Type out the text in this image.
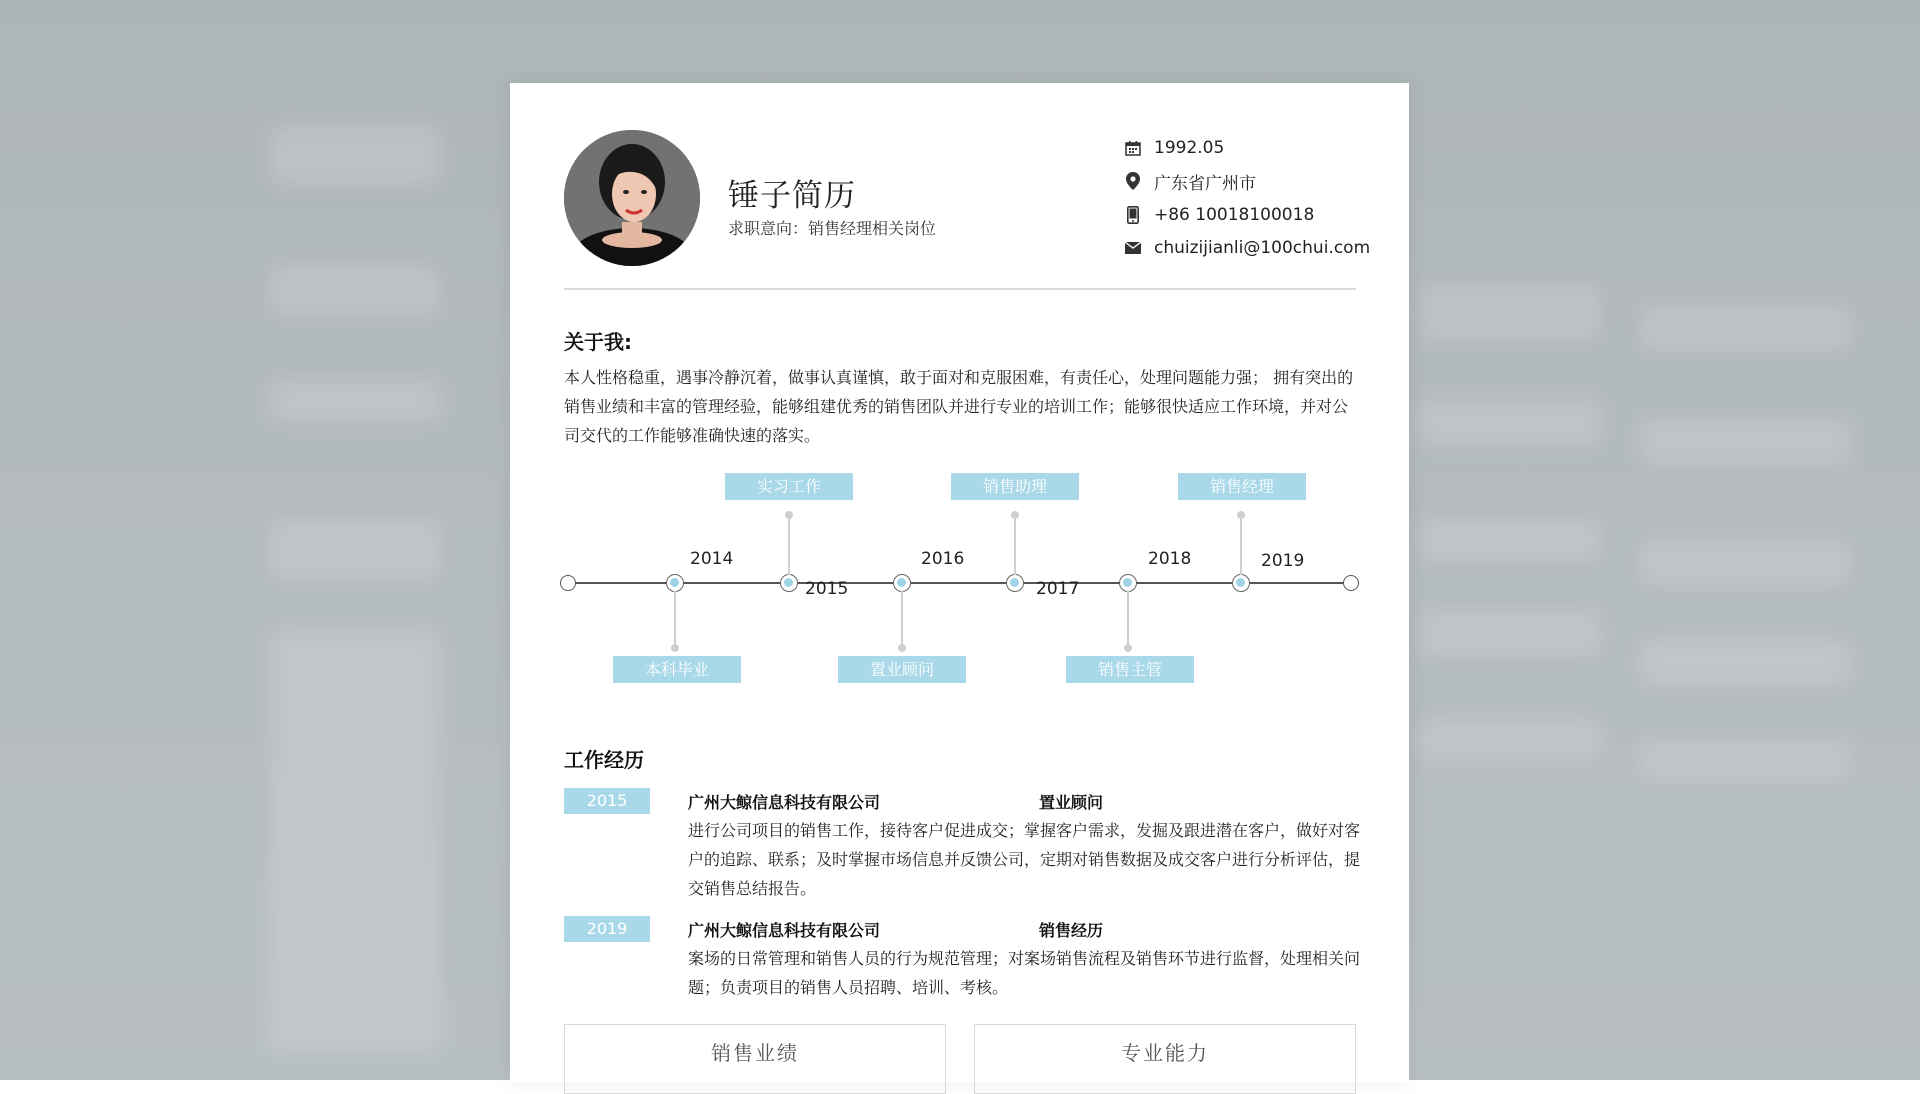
锤子简历
求职意向：销售经理相关岗位
1992.05
广东省广州市
+86 10018100018
chuizijianli@100chui.com
关于我:
本人性格稳重，遇事冷静沉着，做事认真谨慎，敢于面对和克服困难，有责任心，处理问题能力强； 拥有突出的销售业绩和丰富的管理经验，能够组建优秀的销售团队并进行专业的培训工作；能够很快适应工作环境，并对公司交代的工作能够准确快速的落实。
2014
2015
2016
2017
2018	2019
实习工作	销售助理	销售经理
本科毕业	置业顾问	销售主管
工作经历
2015	广州大鲸信息科技有限公司	置业顾问
进行公司项目的销售工作，接待客户促进成交；掌握客户需求，发掘及跟进潜在客户，做好对客户的追踪、联系；及时掌握市场信息并反馈公司，定期对销售数据及成交客户进行分析评估，提交销售总结报告。
2019	广州大鲸信息科技有限公司	销售经历
案场的日常管理和销售人员的行为规范管理；对案场销售流程及销售环节进行监督，处理相关问题；负责项目的销售人员招聘、培训、考核。
销售业绩	专业能力
